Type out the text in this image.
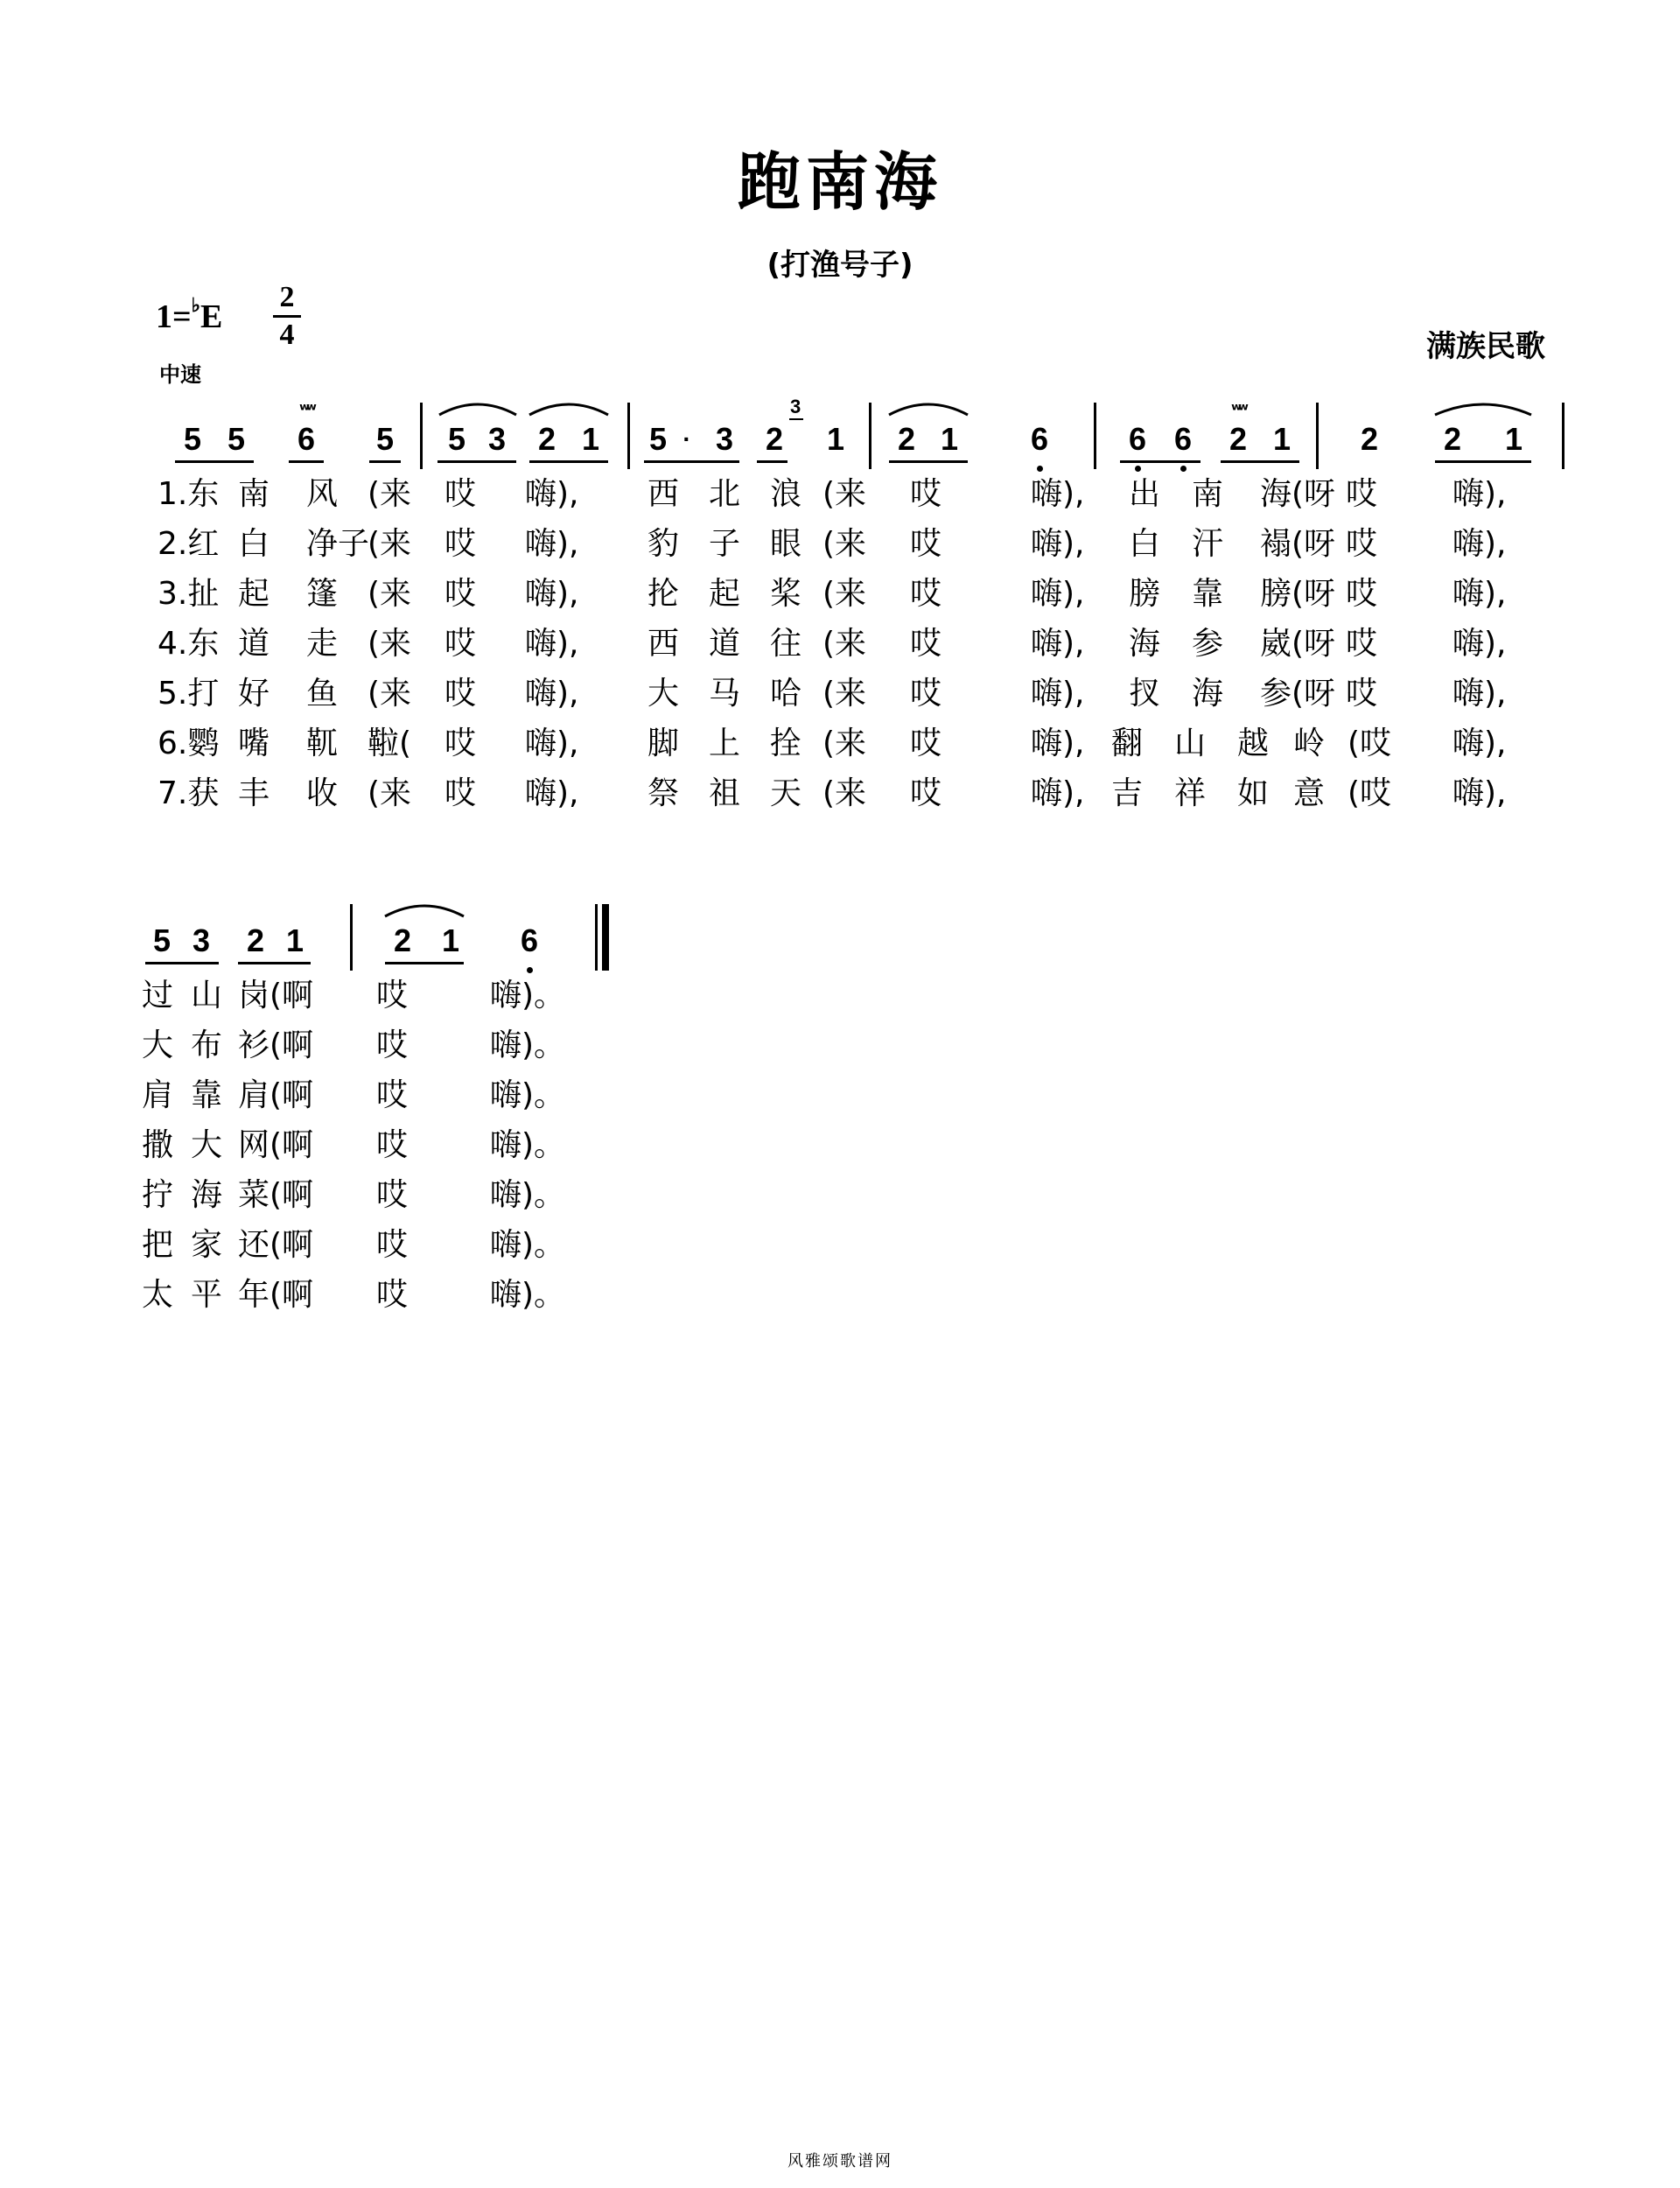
跑南海
(打渔号子)
1=♭E
2
4
中速
满族民歌
5 5 6 5 5 3 2 1 5 · 3 2 1 2 1 6	6 6 2 1 2 2 1
ʷʷ	ʷʷ
3
1.东 南 风 (来 哎 嗨), 西 北 浪 (来 哎	嗨), 出 南 海(呀 哎 嗨),
2.红 白 净子
(来 哎 嗨), 豹 子 眼 (来 哎	嗨), 白 汗 褟(呀 哎 嗨),
3.扯 起 篷 (来 哎 嗨), 抡 起 桨 (来 哎	嗨), 膀 靠 膀(呀 哎 嗨),
4.东 道 走 (来 哎 嗨), 西 道 往 (来 哎	嗨), 海 参 崴(呀 哎 嗨),
5.打 好 鱼 (来 哎 嗨), 大 马 哈 (来 哎	嗨), 扠 海 参(呀 哎 嗨),
6.鹦 嘴 靰 鞡( 哎 嗨), 脚 上 拴 (来 哎	嗨), 翻 山 越 岭 (哎 嗨),
7.获 丰 收 (来 哎 嗨), 祭 祖 天 (来 哎	嗨), 吉 祥 如 意 (哎 嗨),
5 3 2 1	2 1 6
过 山 岗(啊 哎	嗨)。
大 布 衫(啊 哎	嗨)。
肩 靠 肩(啊 哎	嗨)。
撒 大 网(啊 哎	嗨)。
拧 海 菜(啊 哎	嗨)。
把 家 还(啊 哎	嗨)。
太 平 年(啊 哎	嗨)。
风雅颂歌谱网
